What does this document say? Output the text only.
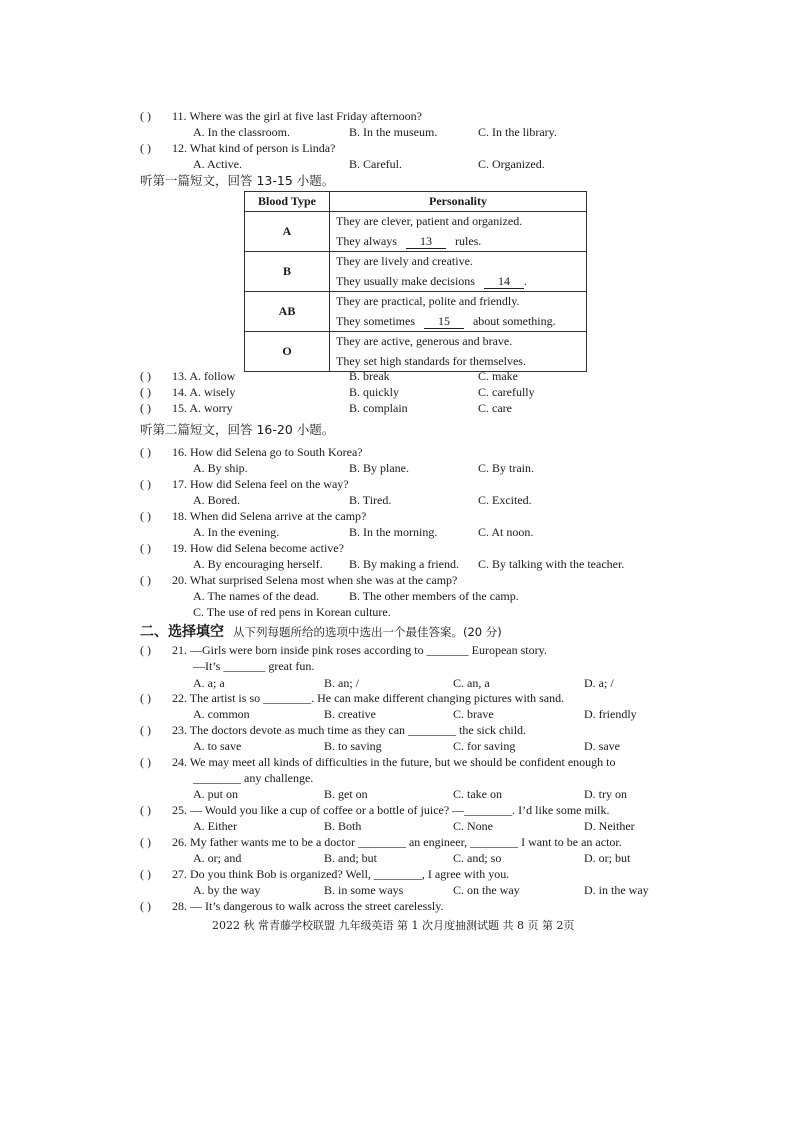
( ) 11. Where was the girl at five last Friday afternoon?
A. In the classroom.	B. In the museum.	C. In the library.
( ) 12. What kind of person is Linda?
A. Active.	B. Careful.	C. Organized.
听第一篇短文，回答 13-15 小题。
Blood Type	Personality
A	They are clever, patient and organized.
They always 13 rules.

B	They are lively and creative.
They usually make decisions 14 .

AB	They are practical, polite and friendly.
They sometimes 15 about something.

O	They are active, generous and brave.
They set high standards for themselves.
( ) 13. A. follow	B. break	C. make
( ) 14. A. wisely	B. quickly	C. carefully
( ) 15. A. worry	B. complain	C. care
听第二篇短文，回答 16-20 小题。
( ) 16. How did Selena go to South Korea?
A. By ship.	B. By plane.	C. By train.
( ) 17. How did Selena feel on the way?
A. Bored.	B. Tired.	C. Excited.
( ) 18. When did Selena arrive at the camp?
A. In the evening.	B. In the morning.	C. At noon.
( ) 19. How did Selena become active?
A. By encouraging herself. B. By making a friend. C. By talking with the teacher.
( ) 20. What surprised Selena most when she was at the camp?
A. The names of the dead. B. The other members of the camp.
C. The use of red pens in Korean culture.
二、选择填空 从下列每题所给的选项中选出一个最佳答案。(20 分)
( ) 21. —Girls were born inside pink roses according to _______ European story.
—It’s _______ great fun.
A. a; a	B. an; /	C. an, a	D. a; /
( ) 22. The artist is so ________. He can make different changing pictures with sand.
A. common	B. creative	C. brave	D. friendly
( ) 23. The doctors devote as much time as they can ________ the sick child.
A. to save	B. to saving	C. for saving	D. save
( ) 24. We may meet all kinds of difficulties in the future, but we should be confident enough to
________ any challenge.
A. put on	B. get on	C. take on	D. try on
( ) 25. — Would you like a cup of coffee or a bottle of juice? —________. I’d like some milk.
A. Either	B. Both	C. None	D. Neither
( ) 26. My father wants me to be a doctor ________ an engineer, ________ I want to be an actor.
A. or; and	B. and; but	C. and; so	D. or; but
( ) 27. Do you think Bob is organized? Well, ________, I agree with you.
A. by the way	B. in some ways	C. on the way	D. in the way
( ) 28. — It’s dangerous to walk across the street carelessly.
2022 秋 常青藤学校联盟 九年级英语 第 1 次月度抽测试题 共 8 页 第 2页
